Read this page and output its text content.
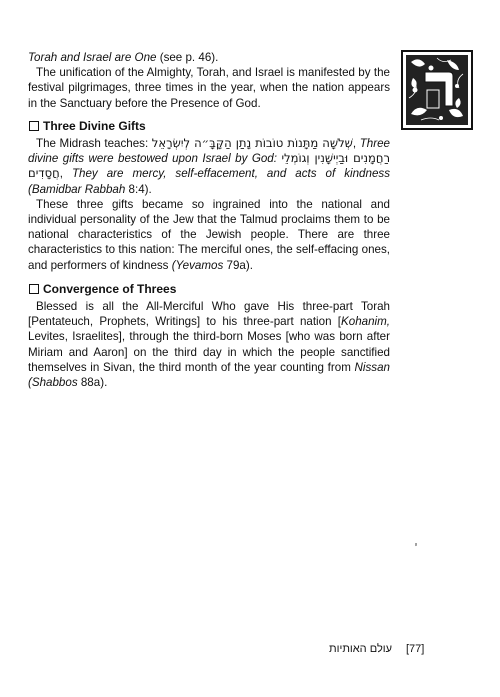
Torah and Israel are One (see p. 46).

The unification of the Almighty, Torah, and Israel is manifested by the festival pilgrimages, three times in the year, when the nation appears in the Sanctuary before the Presence of God.

Three Divine Gifts

The Midrash teaches: שְׁלֹשָׁה מַתָּנוֹת טוֹבוֹת נָתַן הַקָּבָּ״ה לְיִשְׂרָאֵל, Three divine gifts were bestowed upon Israel by God: רַחֲמָנִים וּבַיְישָׁנִין וְגוֹמְלֵי חֲסָדִים, They are mercy, self-effacement, and acts of kindness (Bamidbar Rabbah 8:4).

These three gifts became so ingrained into the national and individual personality of the Jew that the Talmud proclaims them to be national characteristics of the Jewish people. There are three characteristics to this nation: The merciful ones, the self-effacing ones, and performers of kindness (Yevamos 79a).

Convergence of Threes

Blessed is all the All-Merciful Who gave His three-part Torah [Pentateuch, Prophets, Writings] to his three-part nation [Kohanim, Levites, Israelites], through the third-born Moses [who was born after Miriam and Aaron] on the third day in which the people sanctified themselves in Sivan, the third month of the year counting from Nissan (Shabbos 88a).

י
עולם האותיות [77]
